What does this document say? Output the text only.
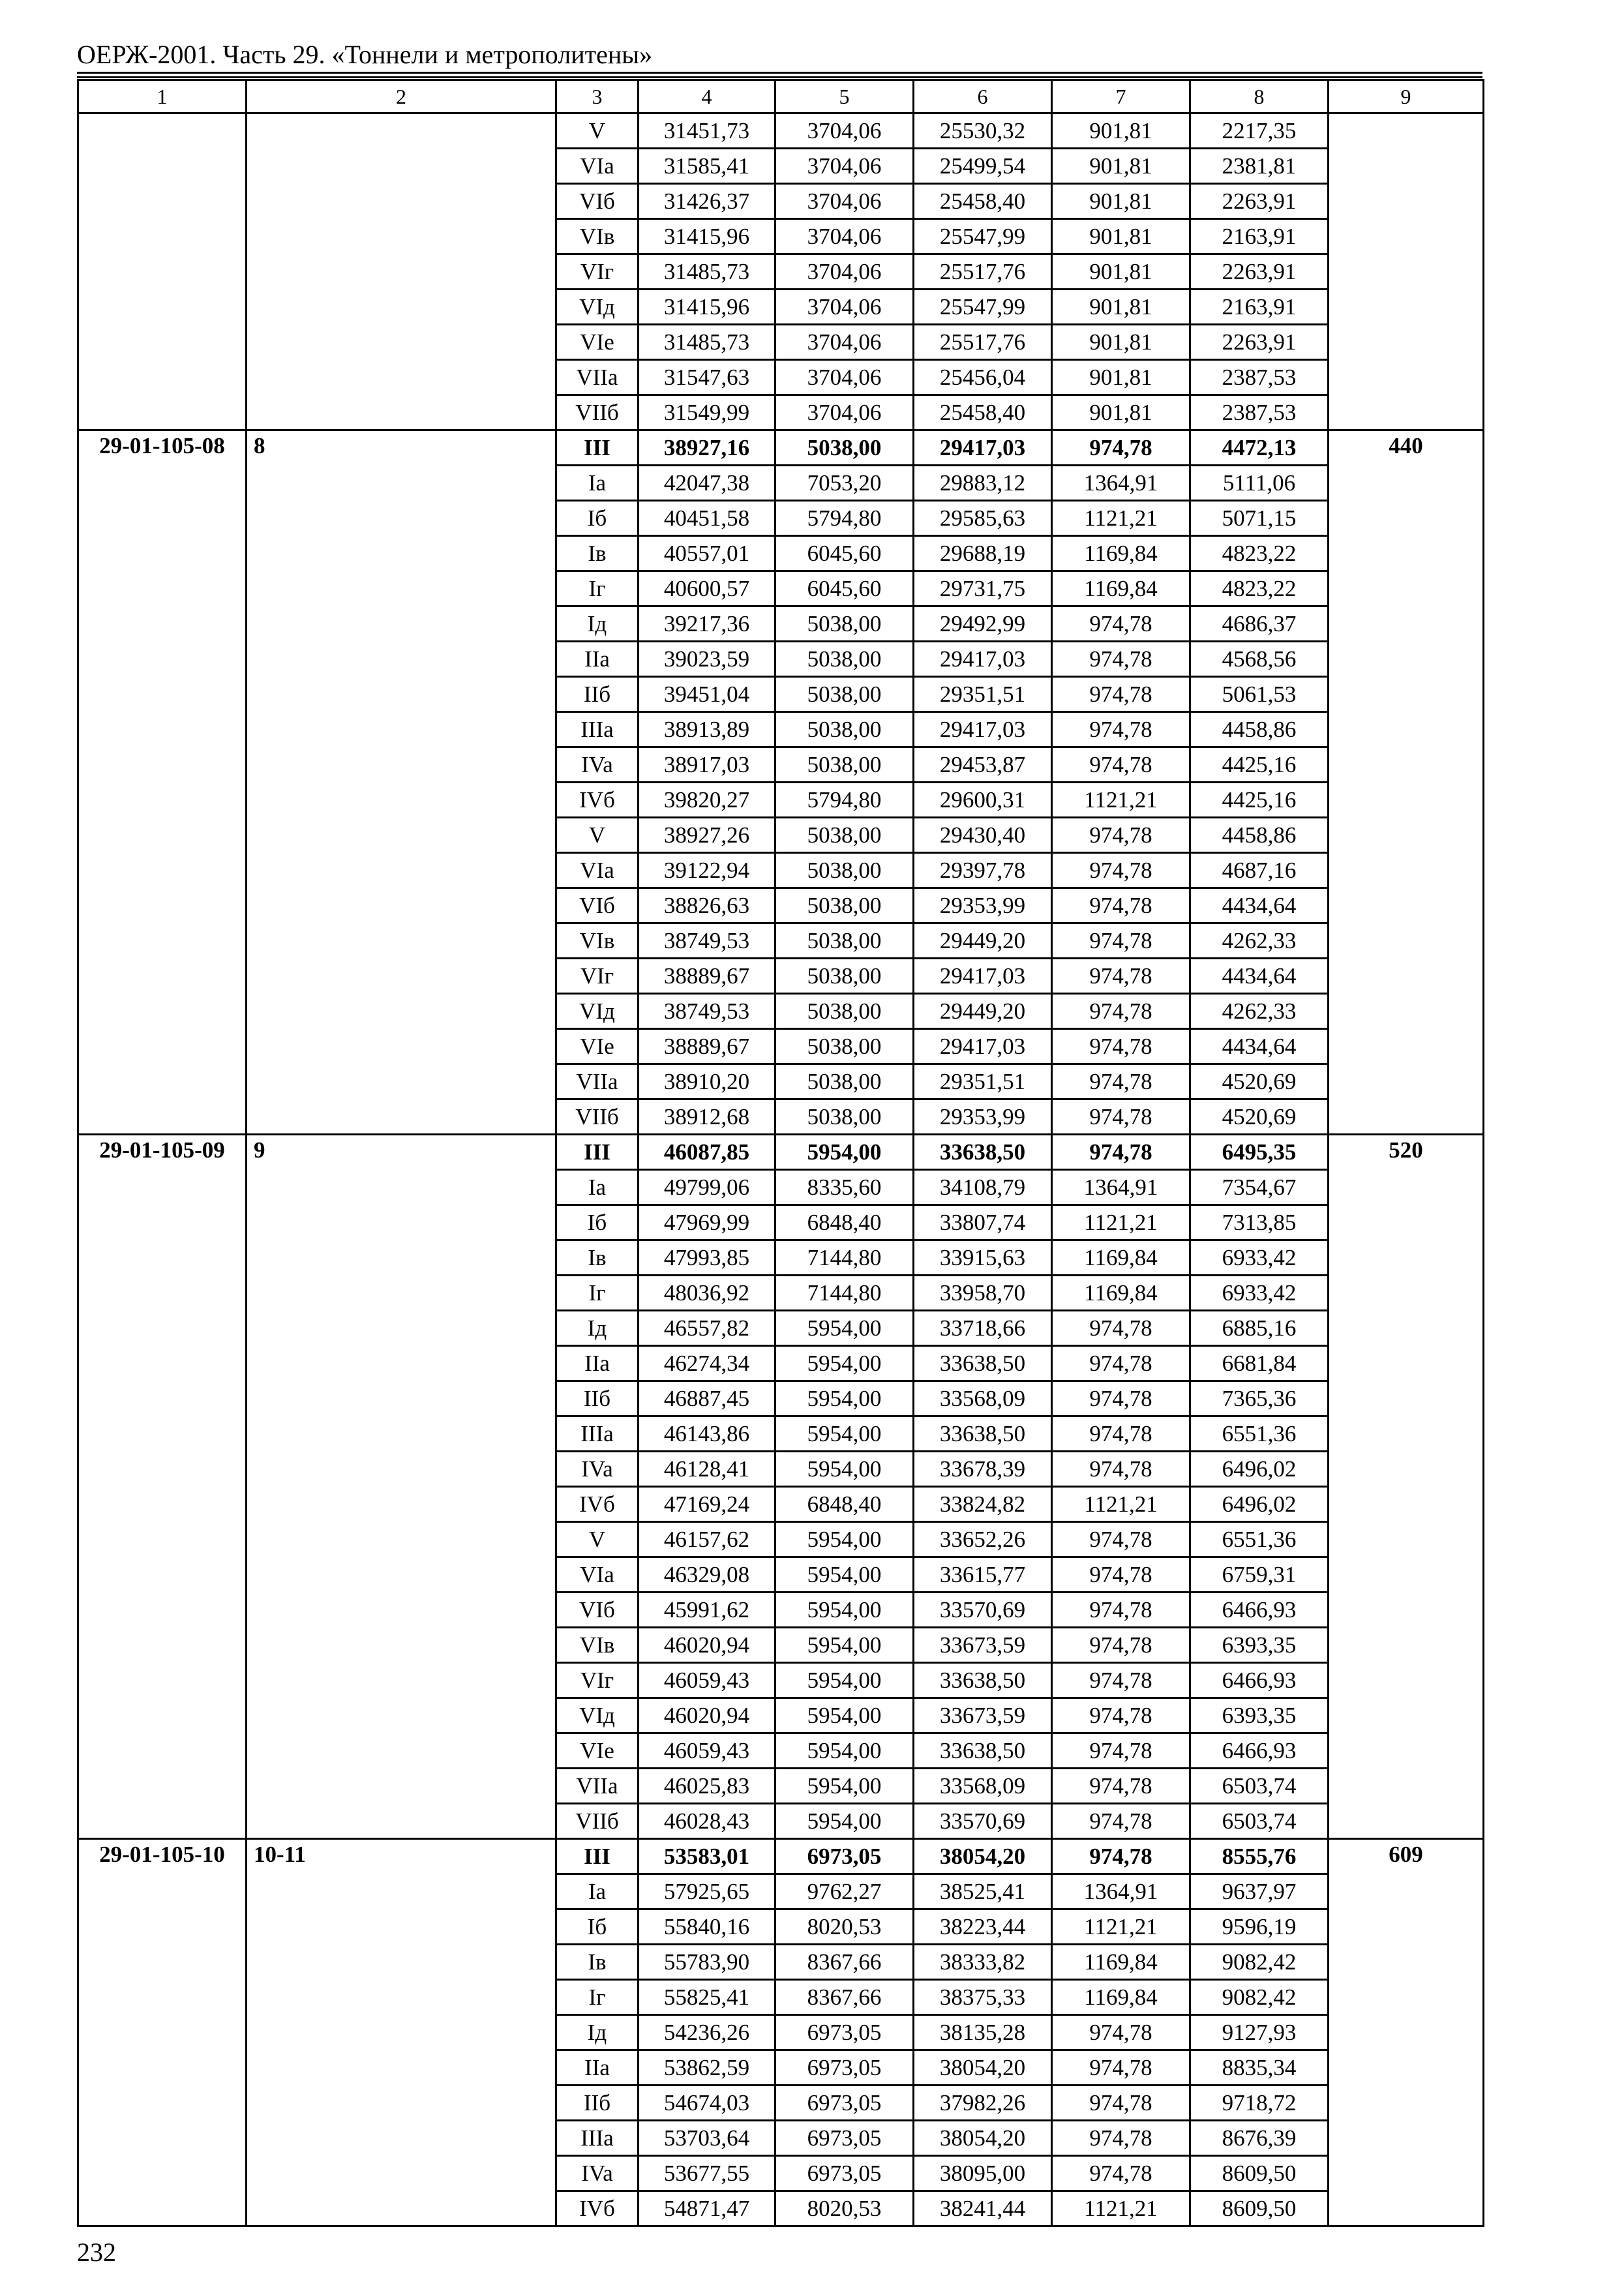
ОЕРЖ-2001. Часть 29. «Тоннели и метрополитены»
1	2	3	4	5	6	7	8	9
		V	31451,73	3704,06	25530,32	901,81	2217,35	
		VIa	31585,41	3704,06	25499,54	901,81	2381,81	
		VIб	31426,37	3704,06	25458,40	901,81	2263,91	
		VIв	31415,96	3704,06	25547,99	901,81	2163,91	
		VIг	31485,73	3704,06	25517,76	901,81	2263,91	
		VIд	31415,96	3704,06	25547,99	901,81	2163,91	
		VIe	31485,73	3704,06	25517,76	901,81	2263,91	
		VIIa	31547,63	3704,06	25456,04	901,81	2387,53	
		VIIб	31549,99	3704,06	25458,40	901,81	2387,53	
29-01-105-08	8	III	38927,16	5038,00	29417,03	974,78	4472,13	440
		Ia	42047,38	7053,20	29883,12	1364,91	5111,06	
		Iб	40451,58	5794,80	29585,63	1121,21	5071,15	
		Iв	40557,01	6045,60	29688,19	1169,84	4823,22	
		Iг	40600,57	6045,60	29731,75	1169,84	4823,22	
		Iд	39217,36	5038,00	29492,99	974,78	4686,37	
		IIa	39023,59	5038,00	29417,03	974,78	4568,56	
		IIб	39451,04	5038,00	29351,51	974,78	5061,53	
		IIIa	38913,89	5038,00	29417,03	974,78	4458,86	
		IVa	38917,03	5038,00	29453,87	974,78	4425,16	
		IVб	39820,27	5794,80	29600,31	1121,21	4425,16	
		V	38927,26	5038,00	29430,40	974,78	4458,86	
		VIa	39122,94	5038,00	29397,78	974,78	4687,16	
		VIб	38826,63	5038,00	29353,99	974,78	4434,64	
		VIв	38749,53	5038,00	29449,20	974,78	4262,33	
		VIг	38889,67	5038,00	29417,03	974,78	4434,64	
		VIд	38749,53	5038,00	29449,20	974,78	4262,33	
		VIe	38889,67	5038,00	29417,03	974,78	4434,64	
		VIIa	38910,20	5038,00	29351,51	974,78	4520,69	
		VIIб	38912,68	5038,00	29353,99	974,78	4520,69	
29-01-105-09	9	III	46087,85	5954,00	33638,50	974,78	6495,35	520
		Ia	49799,06	8335,60	34108,79	1364,91	7354,67	
		Iб	47969,99	6848,40	33807,74	1121,21	7313,85	
		Iв	47993,85	7144,80	33915,63	1169,84	6933,42	
		Iг	48036,92	7144,80	33958,70	1169,84	6933,42	
		Iд	46557,82	5954,00	33718,66	974,78	6885,16	
		IIa	46274,34	5954,00	33638,50	974,78	6681,84	
		IIб	46887,45	5954,00	33568,09	974,78	7365,36	
		IIIa	46143,86	5954,00	33638,50	974,78	6551,36	
		IVa	46128,41	5954,00	33678,39	974,78	6496,02	
		IVб	47169,24	6848,40	33824,82	1121,21	6496,02	
		V	46157,62	5954,00	33652,26	974,78	6551,36	
		VIa	46329,08	5954,00	33615,77	974,78	6759,31	
		VIб	45991,62	5954,00	33570,69	974,78	6466,93	
		VIв	46020,94	5954,00	33673,59	974,78	6393,35	
		VIг	46059,43	5954,00	33638,50	974,78	6466,93	
		VIд	46020,94	5954,00	33673,59	974,78	6393,35	
		VIe	46059,43	5954,00	33638,50	974,78	6466,93	
		VIIa	46025,83	5954,00	33568,09	974,78	6503,74	
		VIIб	46028,43	5954,00	33570,69	974,78	6503,74	
29-01-105-10	10-11	III	53583,01	6973,05	38054,20	974,78	8555,76	609
		Ia	57925,65	9762,27	38525,41	1364,91	9637,97	
		Iб	55840,16	8020,53	38223,44	1121,21	9596,19	
		Iв	55783,90	8367,66	38333,82	1169,84	9082,42	
		Iг	55825,41	8367,66	38375,33	1169,84	9082,42	
		Iд	54236,26	6973,05	38135,28	974,78	9127,93	
		IIa	53862,59	6973,05	38054,20	974,78	8835,34	
		IIб	54674,03	6973,05	37982,26	974,78	9718,72	
		IIIa	53703,64	6973,05	38054,20	974,78	8676,39	
		IVa	53677,55	6973,05	38095,00	974,78	8609,50	
		IVб	54871,47	8020,53	38241,44	1121,21	8609,50	
232
